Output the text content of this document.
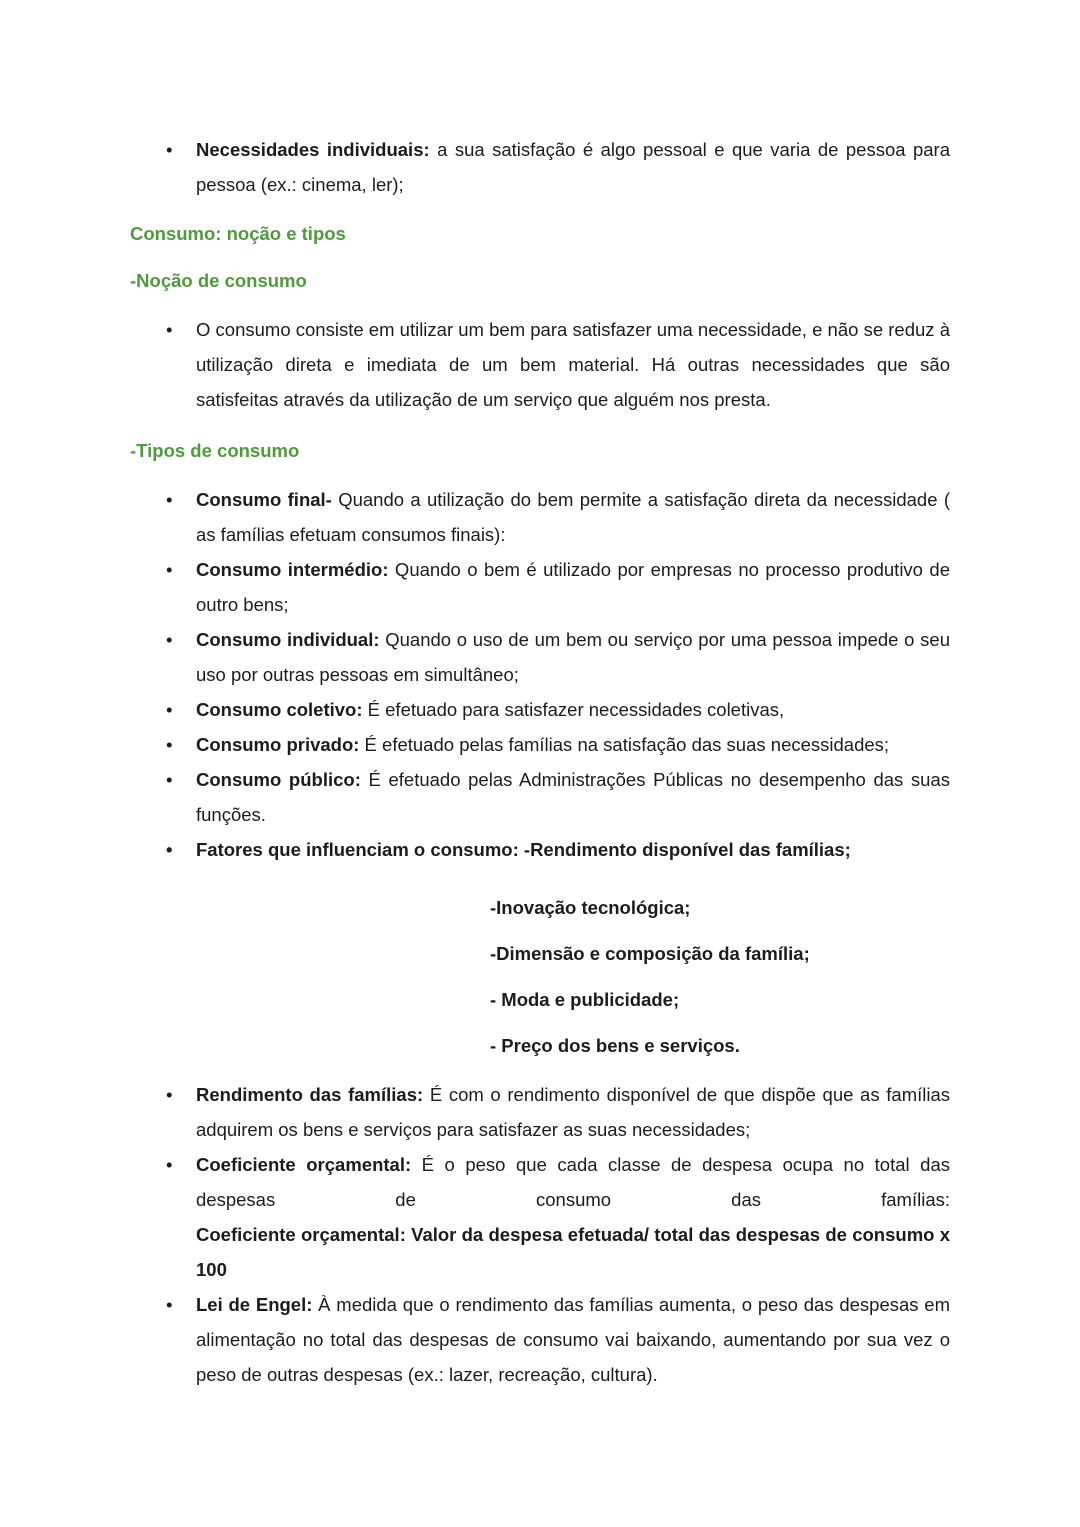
• Necessidades individuais: a sua satisfação é algo pessoal e que varia de pessoa para pessoa (ex.: cinema, ler);

Consumo: noção e tipos

-Noção de consumo

• O consumo consiste em utilizar um bem para satisfazer uma necessidade, e não se reduz à utilização direta e imediata de um bem material. Há outras necessidades que são satisfeitas através da utilização de um serviço que alguém nos presta.

-Tipos de consumo

• Consumo final- Quando a utilização do bem permite a satisfação direta da necessidade ( as famílias efetuam consumos finais):
• Consumo intermédio: Quando o bem é utilizado por empresas no processo produtivo de outro bens;
• Consumo individual: Quando o uso de um bem ou serviço por uma pessoa impede o seu uso por outras pessoas em simultâneo;
• Consumo coletivo: É efetuado para satisfazer necessidades coletivas,
• Consumo privado: É efetuado pelas famílias na satisfação das suas necessidades;
• Consumo público: É efetuado pelas Administrações Públicas no desempenho das suas funções.
• Fatores que influenciam o consumo: -Rendimento disponível das famílias;
-Inovação tecnológica;
-Dimensão e composição da família;
- Moda e publicidade;
- Preço dos bens e serviços.
• Rendimento das famílias: É com o rendimento disponível de que dispõe que as famílias adquirem os bens e serviços para satisfazer as suas necessidades;
• Coeficiente orçamental: É o peso que cada classe de despesa ocupa no total das despesas de consumo das famílias:
Coeficiente orçamental: Valor da despesa efetuada/ total das despesas de consumo x 100
• Lei de Engel: À medida que o rendimento das famílias aumenta, o peso das despesas em alimentação no total das despesas de consumo vai baixando, aumentando por sua vez o peso de outras despesas (ex.: lazer, recreação, cultura).
